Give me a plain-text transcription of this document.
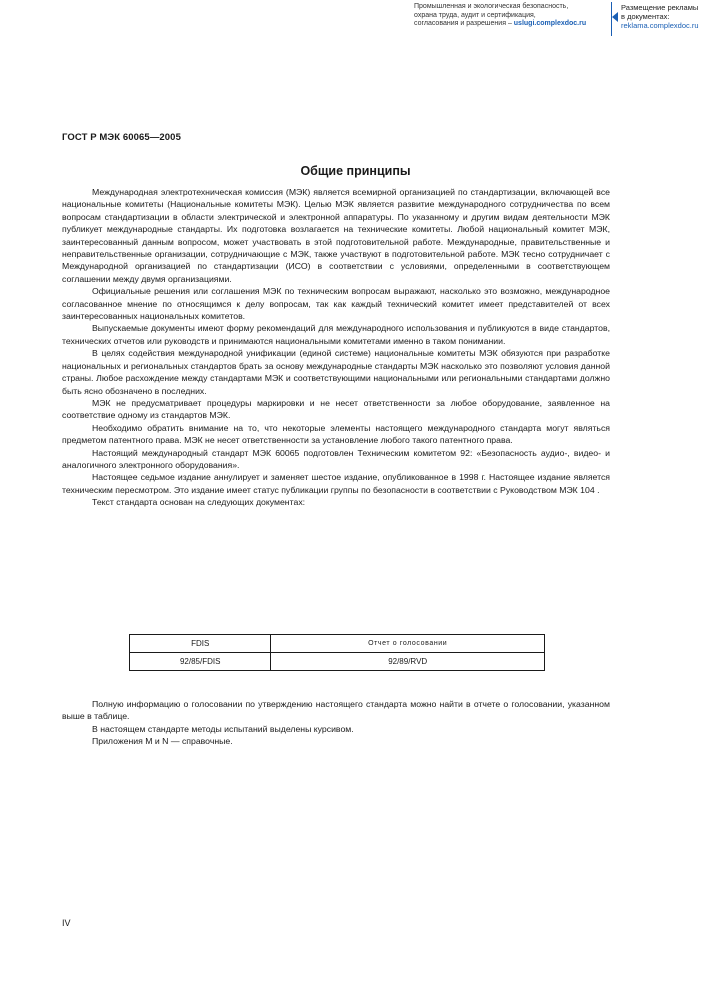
Промышленная и экологическая безопасность,
охрана труда, аудит и сертификация,
согласования и разрешения – uslugi.complexdoc.ru
Размещение рекламы
в документах:
reklama.complexdoc.ru
ГОСТ Р МЭК 60065—2005
Общие принципы

Международная электротехническая комиссия (МЭК) является всемирной организацией по стандартизации, включающей все национальные комитеты (Национальные комитеты МЭК). Целью МЭК является развитие международного сотрудничества по всем вопросам стандартизации в области электрической и электронной аппаратуры. По указанному и другим видам деятельности МЭК публикует международные стандарты. Их подготовка возлагается на технические комитеты. Любой национальный комитет МЭК, заинтересованный данным вопросом, может участвовать в этой подготовительной работе. Международные, правительственные и неправительственные организации, сотрудничающие с МЭК, также участвуют в подготовительной работе. МЭК тесно сотрудничает с Международной организацией по стандартизации (ИСО) в соответствии с условиями, определенными в соответствующем соглашении между двумя организациями.

Официальные решения или соглашения МЭК по техническим вопросам выражают, насколько это возможно, международное согласованное мнение по относящимся к делу вопросам, так как каждый технический комитет имеет представителей от всех заинтересованных национальных комитетов.

Выпускаемые документы имеют форму рекомендаций для международного использования и публикуются в виде стандартов, технических отчетов или руководств и принимаются национальными комитетами именно в таком понимании.

В целях содействия международной унификации (единой системе) национальные комитеты МЭК обязуются при разработке национальных и региональных стандартов брать за основу международные стандарты МЭК насколько это позволяют условия данной страны. Любое расхождение между стандартами МЭК и соответствующими национальными или региональными стандартами должно быть ясно обозначено в последних.

МЭК не предусматривает процедуры маркировки и не несет ответственности за любое оборудование, заявленное на соответствие одному из стандартов МЭК.

Необходимо обратить внимание на то, что некоторые элементы настоящего международного стандарта могут являться предметом патентного права. МЭК не несет ответственности за установление любого такого патентного права.

Настоящий международный стандарт МЭК 60065 подготовлен Техническим комитетом 92: «Безопасность аудио-, видео- и аналогичного электронного оборудования».

Настоящее седьмое издание аннулирует и заменяет шестое издание, опубликованное в 1998 г. Настоящее издание является техническим пересмотром. Это издание имеет статус публикации группы по безопасности в соответствии с Руководством МЭК 104 .

Текст стандарта основан на следующих документах:

FDIS	Отчет о голосовании
92/85/FDIS	92/89/RVD

Полную информацию о голосовании по утверждению настоящего стандарта можно найти в отчете о голосовании, указанном выше в таблице.

В настоящем стандарте методы испытаний выделены курсивом.

Приложения М и N — справочные.

IV
